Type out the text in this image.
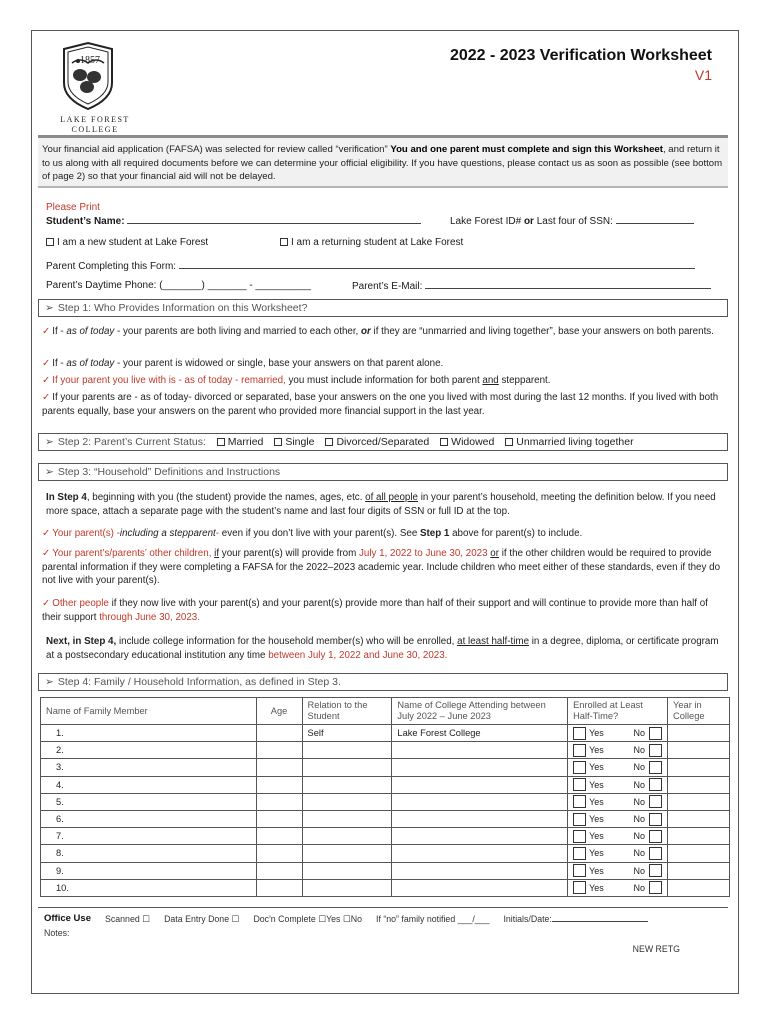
1857
LAKE FOREST
COLLEGE
2022 - 2023 Verification Worksheet
V1
Your financial aid application (FAFSA) was selected for review called “verification” You and one parent must complete and sign this Worksheet, and return it to us along with all required documents before we can determine your official eligibility. If you have questions, please contact us as soon as possible (see bottom of page 2) so that your financial aid will not be delayed.
Please Print
Student’s Name:	Lake Forest ID# or Last four of SSN:
I am a new student at Lake Forest	I am a returning student at Lake Forest
Parent Completing this Form:
Parent’s Daytime Phone: (_______) _______ - __________	Parent’s E-Mail:
➢ Step 1: Who Provides Information on this Worksheet?
✓ If - as of today - your parents are both living and married to each other, or if they are “unmarried and living together”, base your answers on both parents.
✓ If - as of today - your parent is widowed or single, base your answers on that parent alone.
✓ If your parent you live with is - as of today - remarried, you must include information for both parent and stepparent.
✓ If your parents are - as of today- divorced or separated, base your answers on the one you lived with most during the last 12 months. If you lived with both parents equally, base your answers on the parent who provided more financial support in the last year.
➢ Step 2: Parent’s Current Status: Married Single Divorced/Separated Widowed Unmarried living together
➢ Step 3: “Household” Definitions and Instructions
In Step 4, beginning with you (the student) provide the names, ages, etc. of all people in your parent’s household, meeting the definition below. If you need more space, attach a separate page with the student’s name and last four digits of SSN or full ID at the top.
✓ Your parent(s) -including a stepparent- even if you don’t live with your parent(s). See Step 1 above for parent(s) to include.
✓ Your parent’s/parents’ other children, if your parent(s) will provide from July 1, 2022 to June 30, 2023 or if the other children would be required to provide parental information if they were completing a FAFSA for the 2022–2023 academic year. Include children who meet either of these standards, even if they do not live with your parent(s).
✓ Other people if they now live with your parent(s) and your parent(s) provide more than half of their support and will continue to provide more than half of their support through June 30, 2023.
Next, in Step 4, include college information for the household member(s) who will be enrolled, at least half-time in a degree, diploma, or certificate program at a postsecondary educational institution any time between July 1, 2022 and June 30, 2023.
➢ Step 4: Family / Household Information, as defined in Step 3.
Name of Family Member	Age	Relation to the Student	Name of College Attending between July 2022 – June 2023	Enrolled at Least Half-Time?	Year in College
1.		Self	Lake Forest College	Yes No	

2.				Yes No	

3.				Yes No	

4.				Yes No	

5.				Yes No	

6.				Yes No	

7.				Yes No	

8.				Yes No	

9.				Yes No	

10.				Yes No	

Office Use Scanned ☐ Data Entry Done ☐ Doc'n Complete ☐Yes ☐No If “no” family notified ___/___ Initials/Date:
Notes:
NEW RETG
